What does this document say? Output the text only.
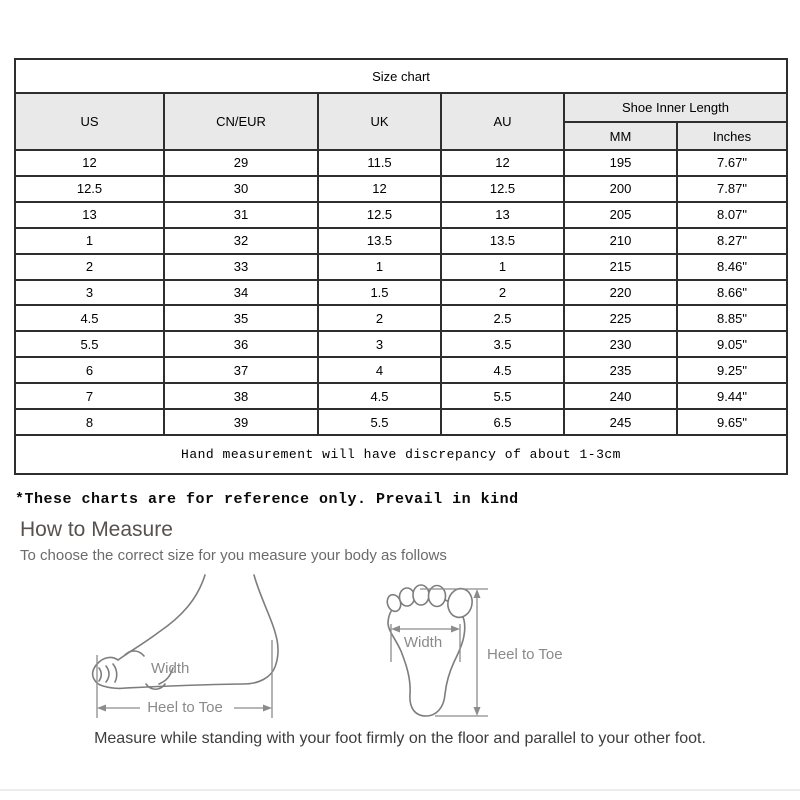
Size chart					
US	CN/EUR	UK	AU	Shoe Inner Length	
				MM	Inches
12	29	11.5	12	195	7.67"
12.5	30	12	12.5	200	7.87"
13	31	12.5	13	205	8.07"
1	32	13.5	13.5	210	8.27"
2	33	1	1	215	8.46"
3	34	1.5	2	220	8.66"
4.5	35	2	2.5	225	8.85"
5.5	36	3	3.5	230	9.05"
6	37	4	4.5	235	9.25"
7	38	4.5	5.5	240	9.44"
8	39	5.5	6.5	245	9.65"
Hand measurement will have discrepancy of about 1-3cm					
*These charts are for reference only. Prevail in kind
How to Measure
To choose the correct size for you measure your body as follows
Width
Heel to Toe
Width
Heel to Toe
Measure while standing with your foot firmly on the floor and parallel to your other foot.
